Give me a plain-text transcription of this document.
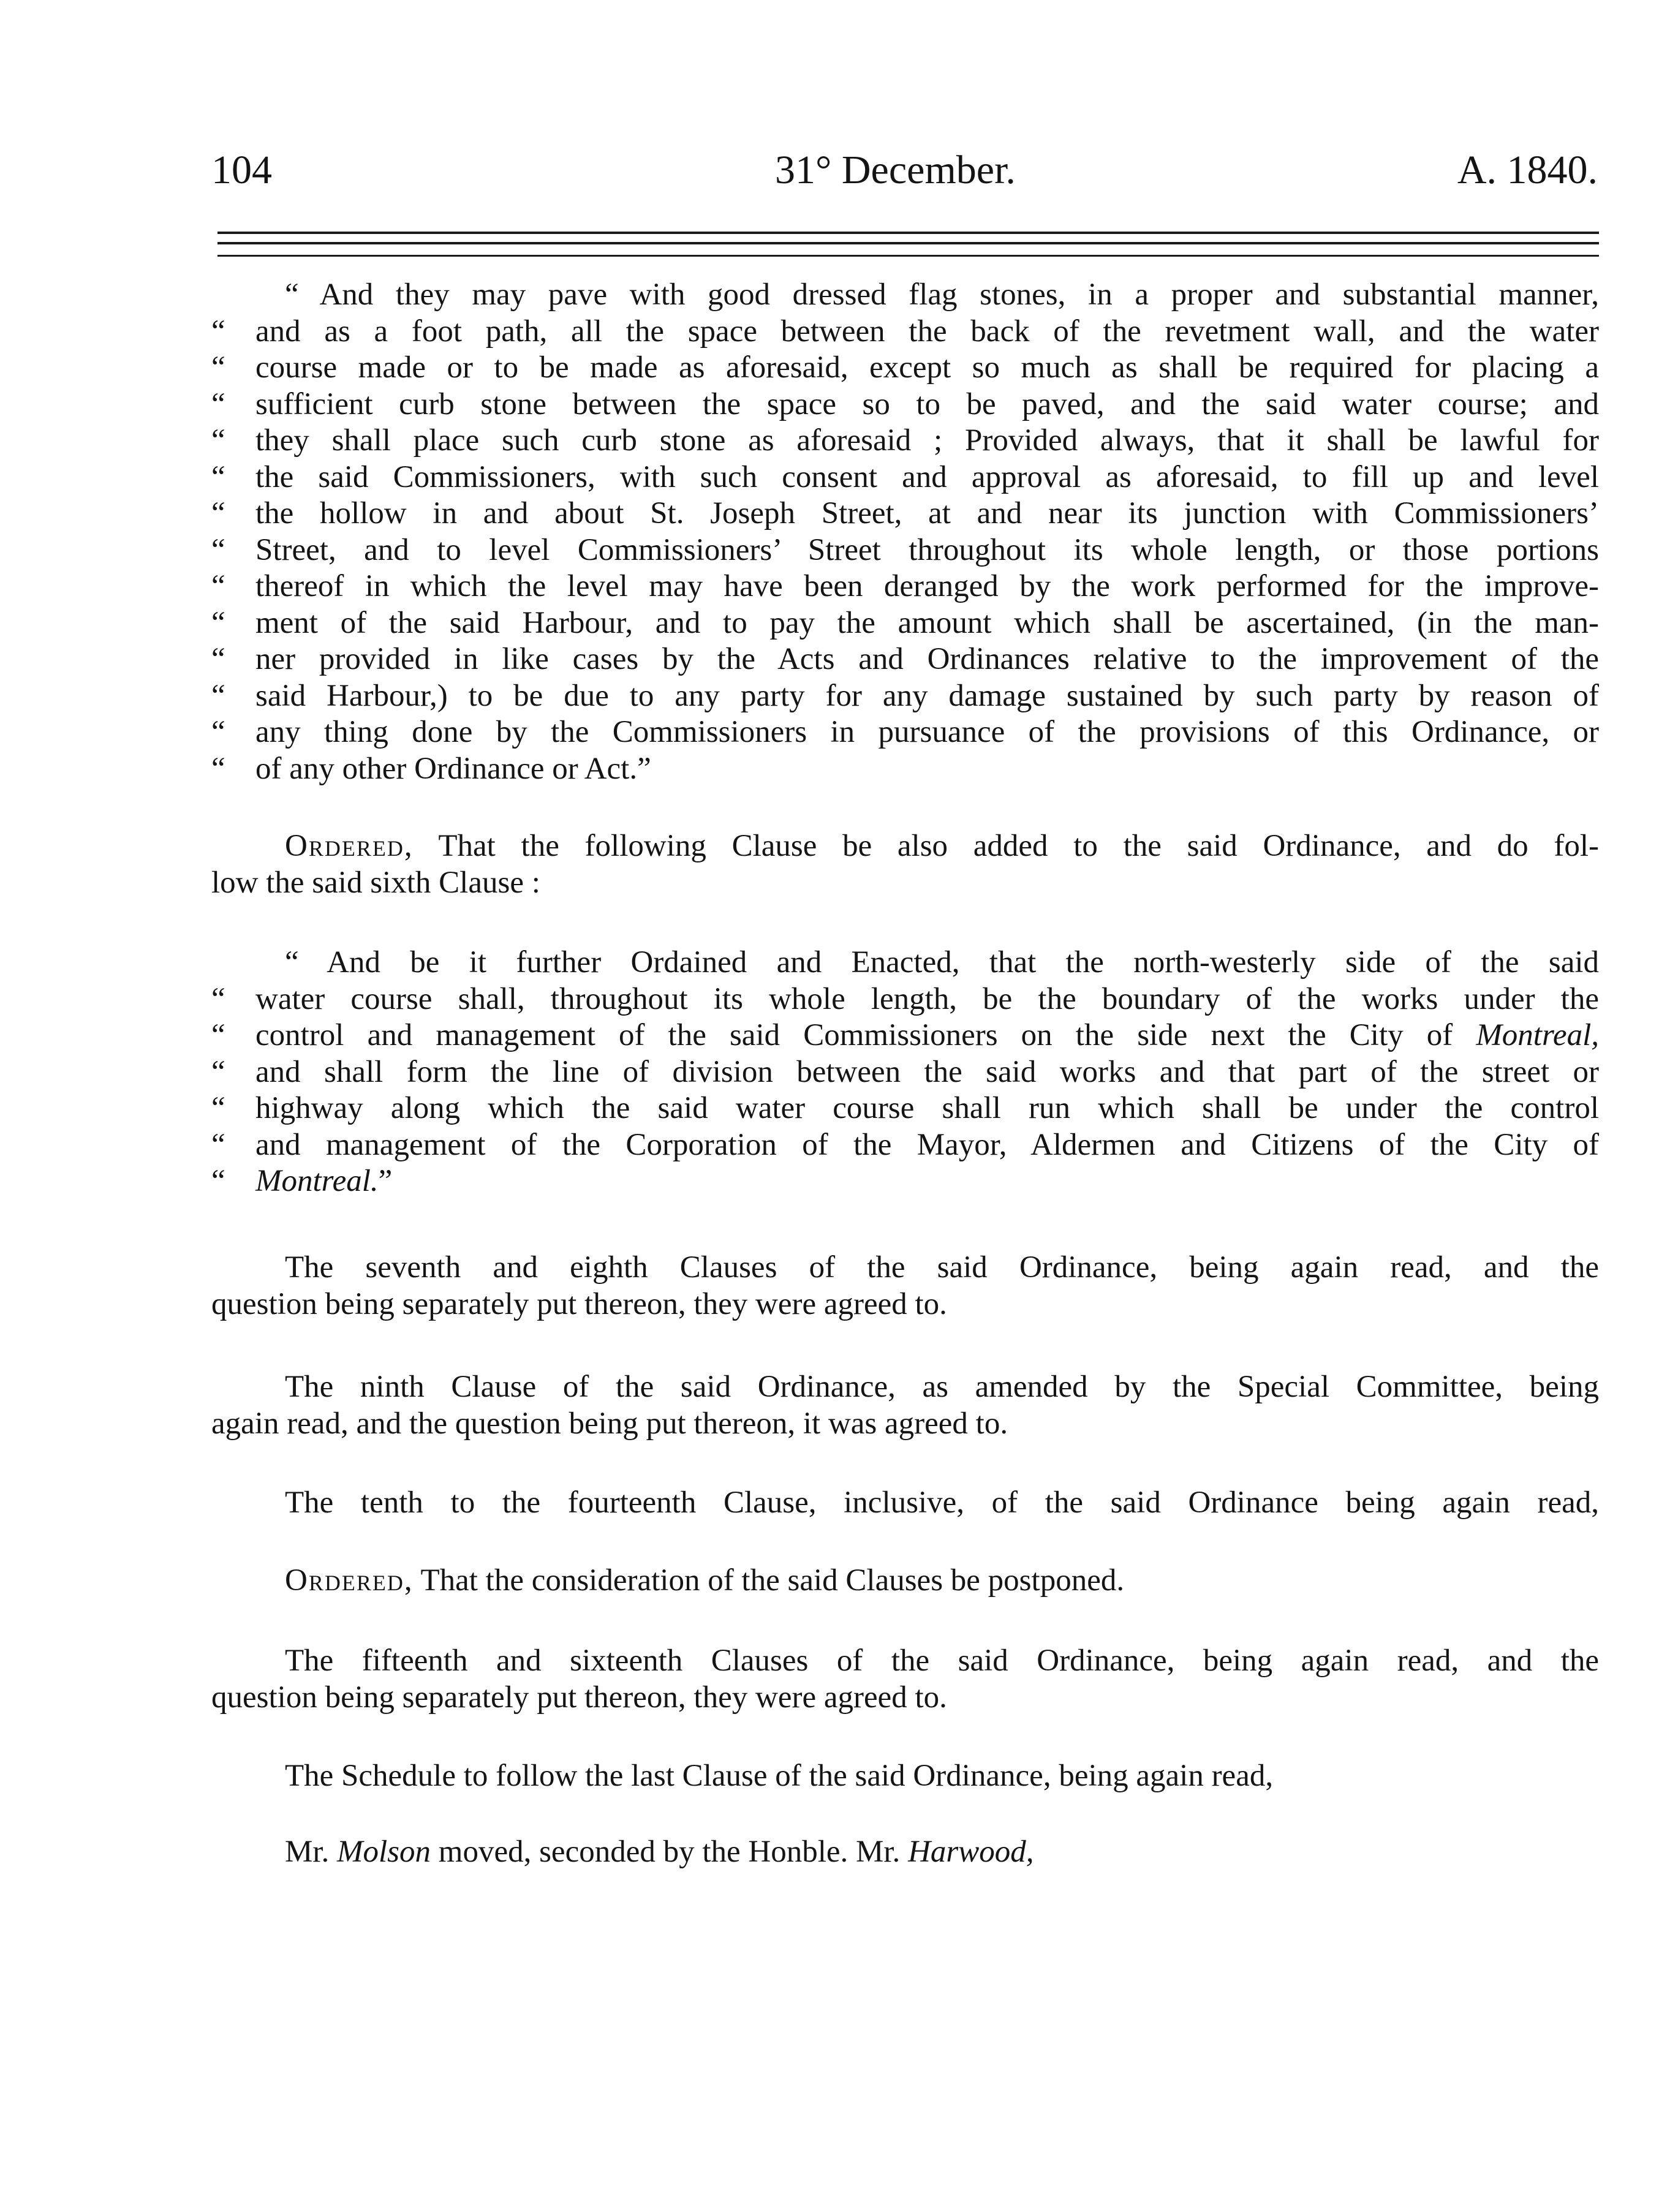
104	31° December.	A. 1840.
“ And they may pave with good dressed flag stones, in a proper and substantial manner,
“ and as a foot path, all the space between the back of the revetment wall, and the water
“ course made or to be made as aforesaid, except so much as shall be required for placing a
“ sufficient curb stone between the space so to be paved, and the said water course; and
“ they shall place such curb stone as aforesaid ; Provided always, that it shall be lawful for
“ the said Commissioners, with such consent and approval as aforesaid, to fill up and level
“ the hollow in and about St. Joseph Street, at and near its junction with Commissioners’
“ Street, and to level Commissioners’ Street throughout its whole length, or those portions
“ thereof in which the level may have been deranged by the work performed for the improve-
“ ment of the said Harbour, and to pay the amount which shall be ascertained, (in the man-
“ ner provided in like cases by the Acts and Ordinances relative to the improvement of the
“ said Harbour,) to be due to any party for any damage sustained by such party by reason of
“ any thing done by the Commissioners in pursuance of the provisions of this Ordinance, or
“ of any other Ordinance or Act.”
Ordered, That the following Clause be also added to the said Ordinance, and do fol-
low the said sixth Clause :
“ And be it further Ordained and Enacted, that the north-westerly side of the said
“ water course shall, throughout its whole length, be the boundary of the works under the
“ control and management of the said Commissioners on the side next the City of Montreal,
“ and shall form the line of division between the said works and that part of the street or
“ highway along which the said water course shall run which shall be under the control
“ and management of the Corporation of the Mayor, Aldermen and Citizens of the City of
“ Montreal.”
The seventh and eighth Clauses of the said Ordinance, being again read, and the
question being separately put thereon, they were agreed to.
The ninth Clause of the said Ordinance, as amended by the Special Committee, being
again read, and the question being put thereon, it was agreed to.
The tenth to the fourteenth Clause, inclusive, of the said Ordinance being again read,
Ordered, That the consideration of the said Clauses be postponed.
The fifteenth and sixteenth Clauses of the said Ordinance, being again read, and the
question being separately put thereon, they were agreed to.
The Schedule to follow the last Clause of the said Ordinance, being again read,
Mr. Molson moved, seconded by the Honble. Mr. Harwood,
